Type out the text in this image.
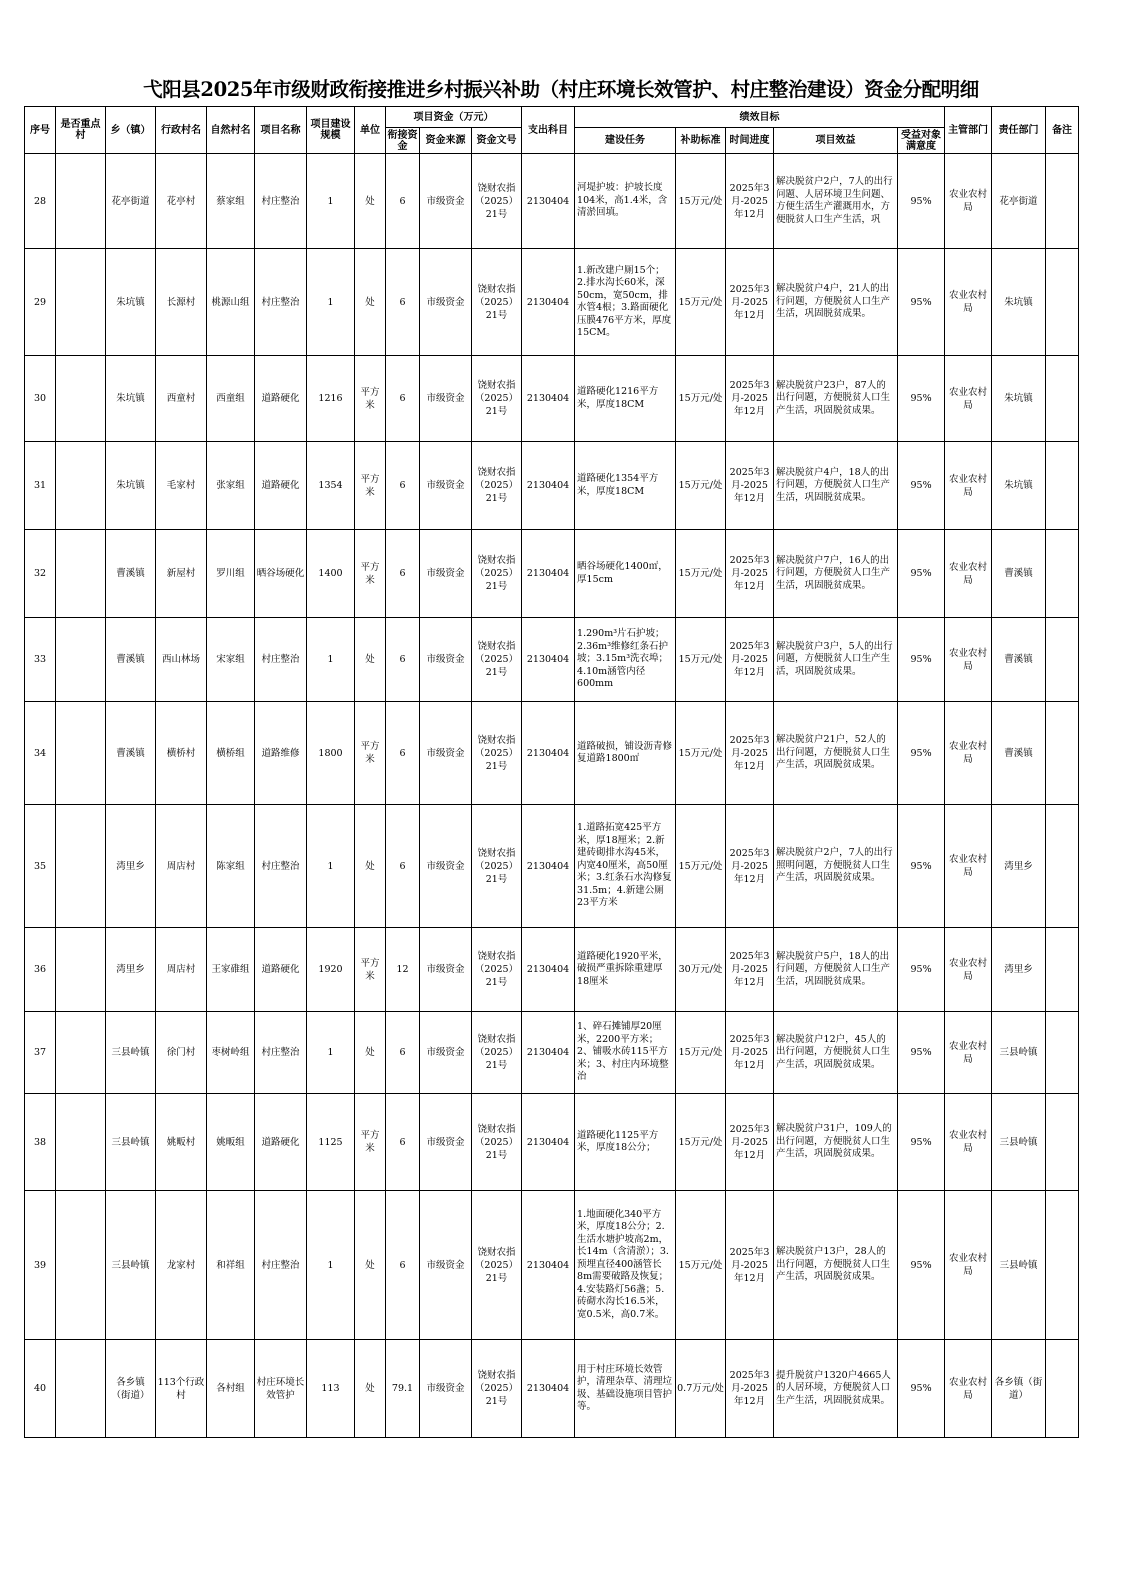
弋阳县2025年市级财政衔接推进乡村振兴补助（村庄环境长效管护、村庄整治建设）资金分配明细
序号	是否重点村	乡（镇）	行政村名	自然村名	项目名称	项目建设规模	单位	项目资金（万元）			支出科目	绩效目标					主管部门	责任部门	备注
								衔接资金	资金来源	资金文号		建设任务	补助标准	时间进度	项目效益	受益对象满意度			
28		花亭街道	花亭村	蔡家组	村庄整治	1	处	6	市级资金	饶财农指（2025）21号	2130404	河堤护坡：护坡长度104米，高1.4米，含清淤回填。	15万元/处	2025年3月-2025年12月	解决脱贫户2户，7人的出行问题、人居环境卫生问题、方便生活生产灌溉用水，方便脱贫人口生产生活，巩	95%	农业农村局	花亭街道	
29		朱坑镇	长源村	桃源山组	村庄整治	1	处	6	市级资金	饶财农指（2025）21号	2130404	1.新改建户厕15个；2.排水沟长60米，深50cm，宽50cm，排水管4根；3.路面硬化压膜476平方米，厚度15CM。	15万元/处	2025年3月-2025年12月	解决脱贫户4户，21人的出行问题，方便脱贫人口生产生活，巩固脱贫成果。	95%	农业农村局	朱坑镇	
30		朱坑镇	西童村	西童组	道路硬化	1216	平方米	6	市级资金	饶财农指（2025）21号	2130404	道路硬化1216平方米，厚度18CM	15万元/处	2025年3月-2025年12月	解决脱贫户23户，87人的出行问题，方便脱贫人口生产生活，巩固脱贫成果。	95%	农业农村局	朱坑镇	
31		朱坑镇	毛家村	张家组	道路硬化	1354	平方米	6	市级资金	饶财农指（2025）21号	2130404	道路硬化1354平方米，厚度18CM	15万元/处	2025年3月-2025年12月	解决脱贫户4户，18人的出行问题，方便脱贫人口生产生活，巩固脱贫成果。	95%	农业农村局	朱坑镇	
32		曹溪镇	新屋村	罗川组	晒谷场硬化	1400	平方米	6	市级资金	饶财农指（2025）21号	2130404	晒谷场硬化1400㎡，厚15cm	15万元/处	2025年3月-2025年12月	解决脱贫户7户，16人的出行问题，方便脱贫人口生产生活，巩固脱贫成果。	95%	农业农村局	曹溪镇	
33		曹溪镇	西山林场	宋家组	村庄整治	1	处	6	市级资金	饶财农指（2025）21号	2130404	1.290m³片石护坡；2.36m³维修红条石护坡；3.15m³洗衣埠；4.10m涵管内径600mm	15万元/处	2025年3月-2025年12月	解决脱贫户3户，5人的出行问题，方便脱贫人口生产生活，巩固脱贫成果。	95%	农业农村局	曹溪镇	
34		曹溪镇	横桥村	横桥组	道路维修	1800	平方米	6	市级资金	饶财农指（2025）21号	2130404	道路破损，铺设沥青修复道路1800㎡	15万元/处	2025年3月-2025年12月	解决脱贫户21户，52人的出行问题，方便脱贫人口生产生活，巩固脱贫成果。	95%	农业农村局	曹溪镇	
35		湾里乡	周店村	陈家组	村庄整治	1	处	6	市级资金	饶财农指（2025）21号	2130404	1.道路拓宽425平方米，厚18厘米；2.新建砖砌排水沟45米，内宽40厘米，高50厘米；3.红条石水沟修复31.5m；4.新建公厕23平方米	15万元/处	2025年3月-2025年12月	解决脱贫户2户，7人的出行照明问题，方便脱贫人口生产生活，巩固脱贫成果。	95%	农业农村局	湾里乡	
36		湾里乡	周店村	王家碓组	道路硬化	1920	平方米	12	市级资金	饶财农指（2025）21号	2130404	道路硬化1920平米，破损严重拆除重建厚18厘米	30万元/处	2025年3月-2025年12月	解决脱贫户5户，18人的出行问题，方便脱贫人口生产生活，巩固脱贫成果。	95%	农业农村局	湾里乡	
37		三县岭镇	徐门村	枣树岭组	村庄整治	1	处	6	市级资金	饶财农指（2025）21号	2130404	1、碎石摊铺厚20厘米，2200平方米；2、铺吸水砖115平方米；3、村庄内环境整治	15万元/处	2025年3月-2025年12月	解决脱贫户12户，45人的出行问题，方便脱贫人口生产生活，巩固脱贫成果。	95%	农业农村局	三县岭镇	
38		三县岭镇	姚畈村	姚畈组	道路硬化	1125	平方米	6	市级资金	饶财农指（2025）21号	2130404	道路硬化1125平方米，厚度18公分；	15万元/处	2025年3月-2025年12月	解决脱贫户31户，109人的出行问题，方便脱贫人口生产生活，巩固脱贫成果。	95%	农业农村局	三县岭镇	
39		三县岭镇	龙家村	和祥组	村庄整治	1	处	6	市级资金	饶财农指（2025）21号	2130404	1.地面硬化340平方米，厚度18公分；2.生活水塘护坡高2m，长14m（含清淤）；3.预埋直径400涵管长8m需要破路及恢复；4.安装路灯56盏；5.砖砌水沟长16.5米，宽0.5米，高0.7米。	15万元/处	2025年3月-2025年12月	解决脱贫户13户，28人的出行问题，方便脱贫人口生产生活，巩固脱贫成果。	95%	农业农村局	三县岭镇	
40		各乡镇（街道）	113个行政村	各村组	村庄环境长效管护	113	处	79.1	市级资金	饶财农指（2025）21号	2130404	用于村庄环境长效管护，清理杂草、清理垃圾、基础设施项目管护等。	0.7万元/处	2025年3月-2025年12月	提升脱贫户1320户4665人的人居环境，方便脱贫人口生产生活，巩固脱贫成果。	95%	农业农村局	各乡镇（街道）	
